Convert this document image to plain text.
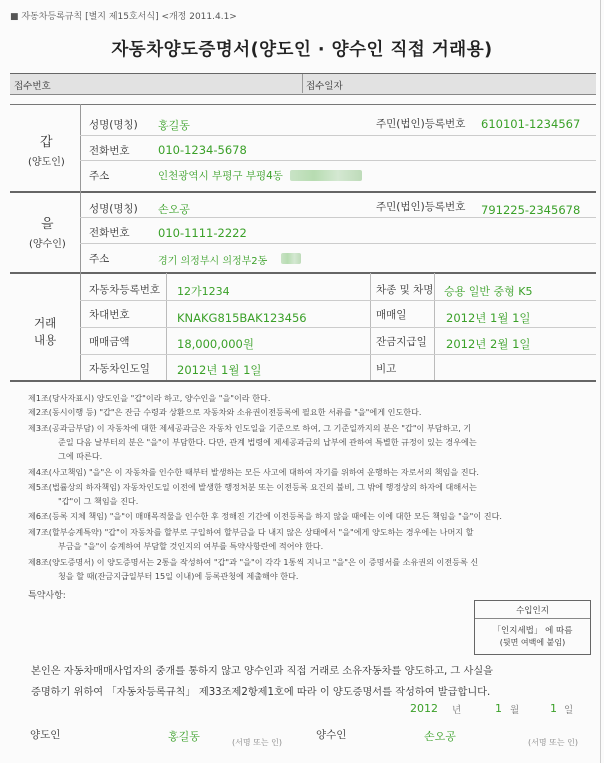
■ 자동차등록규칙 [별지 제15호서식] <개정 2011.4.1>
자동차양도증명서(양도인 · 양수인 직접 거래용)
접수번호	접수일자
갑
(양도인)
성명(명칭) 홍길동	주민(법인)등록번호 610101-1234567
전화번호 010-1234-5678
주소	인천광역시 부평구 부평4동
을
(양수인)
성명(명칭) 손오공	주민(법인)등록번호 791225-2345678
전화번호 010-1111-2222
주소	경기 의정부시 의정부2동
거래
내용
자동차등록번호 12가1234	차종 및 차명 승용 일반 중형 K5
차대번호	KNAKG815BAK123456	매매일	2012년 1월 1일
매매금액	18,000,000원	잔금지급일 2012년 2월 1일
자동차인도일 2012년 1월 1일	비고
제1조(당사자표시) 양도인을 "갑"이라 하고, 양수인을 "을"이라 한다.
제2조(동시이행 등) "갑"은 잔금 수령과 상환으로 자동차와 소유권이전등록에 필요한 서류를 "을"에게 인도한다.
제3조(공과금부담) 이 자동차에 대한 제세공과금은 자동차 인도일을 기준으로 하여, 그 기준일까지의 분은 "갑"이 부담하고, 기
준일 다음 날부터의 분은 "을"이 부담한다. 다만, 관계 법령에 제세공과금의 납부에 관하여 특별한 규정이 있는 경우에는
그에 따른다.
제4조(사고책임) "을"은 이 자동차를 인수한 때부터 발생하는 모든 사고에 대하여 자기를 위하여 운행하는 자로서의 책임을 진다.
제5조(법률상의 하자책임) 자동차인도일 이전에 발생한 행정처분 또는 이전등록 요건의 불비, 그 밖에 행정상의 하자에 대해서는
"갑"이 그 책임을 진다.
제6조(등록 지체 책임) "을"이 매매목적물을 인수한 후 정해진 기간에 이전등록을 하지 않을 때에는 이에 대한 모든 책임을 "을"이 진다.
제7조(할부승계특약) "갑"이 자동차를 할부로 구입하여 할부금을 다 내지 않은 상태에서 "을"에게 양도하는 경우에는 나머지 할
부금을 "을"이 승계하여 부담할 것인지의 여부를 특약사항란에 적어야 한다.
제8조(양도증명서) 이 양도증명서는 2통을 작성하여 "갑"과 "을"이 각각 1통씩 지니고 "을"은 이 증명서를 소유권의 이전등록 신
청을 할 때(잔금지급일부터 15일 이내)에 등록관청에 제출해야 한다.
특약사항:
수입인지
「인지세법」 에 따름
(뒷면 여백에 붙임)
본인은 자동차매매사업자의 중개를 통하지 않고 양수인과 직접 거래로 소유자동차를 양도하고, 그 사실을
증명하기 위하여 「자동차등록규칙」 제33조제2항제1호에 따라 이 양도증명서를 작성하여 발급합니다.
2012 년	1 월	1 일
양도인	홍길동	(서명 또는 인)
양수인	손오공	(서명 또는 인)
